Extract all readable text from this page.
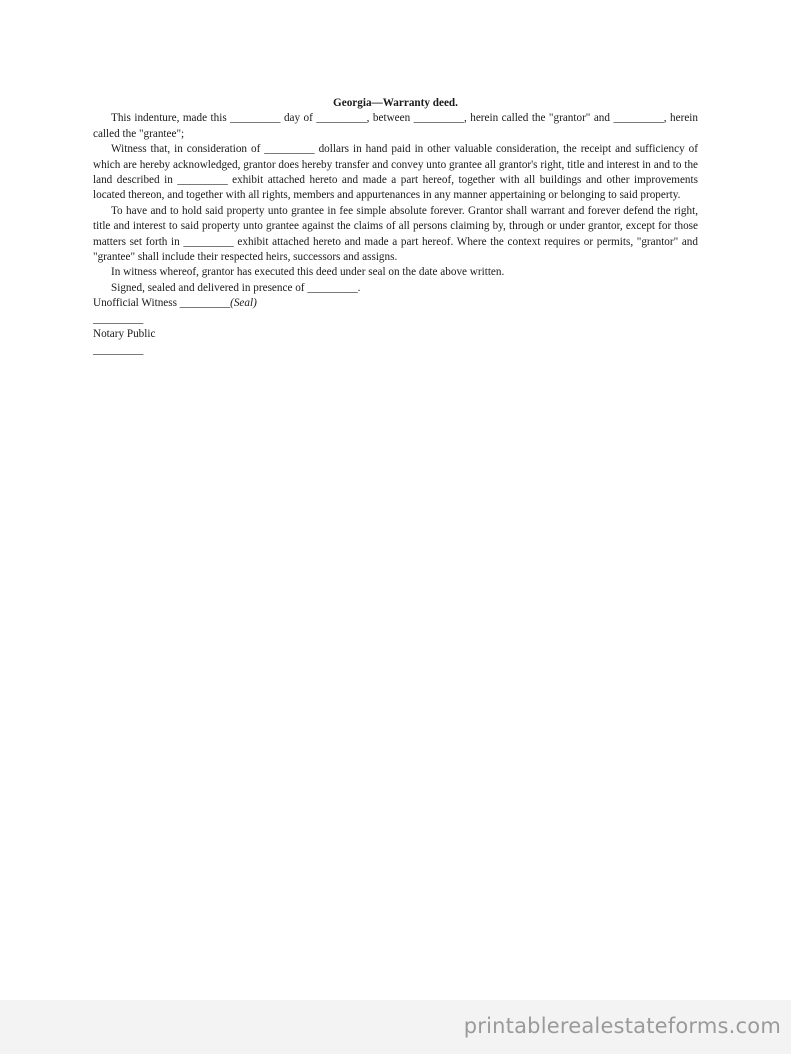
Georgia—Warranty deed.

This indenture, made this _________ day of _________, between _________, herein called the "grantor" and _________, herein called the "grantee";

Witness that, in consideration of _________ dollars in hand paid in other valuable consideration, the receipt and sufficiency of which are hereby acknowledged, grantor does hereby transfer and convey unto grantee all grantor's right, title and interest in and to the land described in _________ exhibit attached hereto and made a part hereof, together with all buildings and other improvements located thereon, and together with all rights, members and appurtenances in any manner appertaining or belonging to said property.

To have and to hold said property unto grantee in fee simple absolute forever. Grantor shall warrant and forever defend the right, title and interest to said property unto grantee against the claims of all persons claiming by, through or under grantor, except for those matters set forth in _________ exhibit attached hereto and made a part hereof. Where the context requires or permits, "grantor" and "grantee" shall include their respected heirs, successors and assigns.

In witness whereof, grantor has executed this deed under seal on the date above written.

Signed, sealed and delivered in presence of _________.

Unofficial Witness _________(Seal)

_________

Notary Public

_________

printablerealestateforms.com
